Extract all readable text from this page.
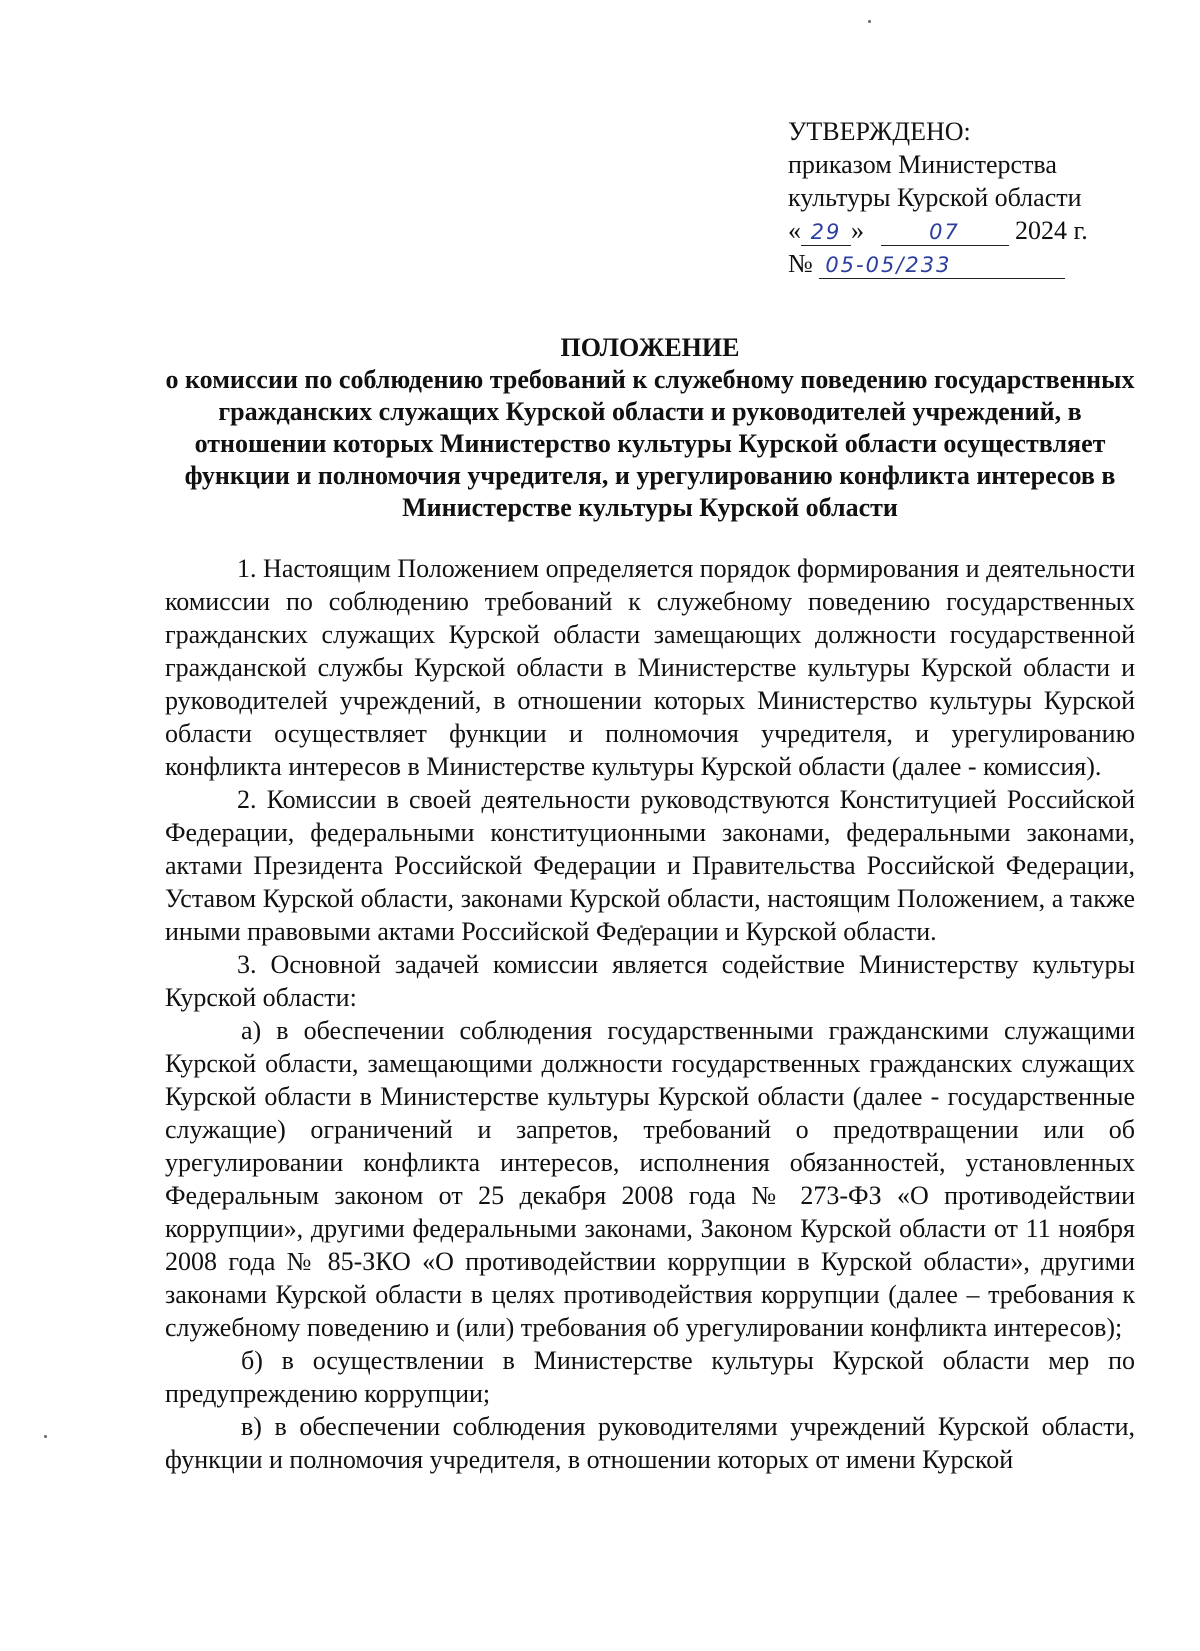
УТВЕРЖДЕНО:
приказом Министерства
культуры Курской области
« 29 »	07 2024 г.
№ 05-05/233
ПОЛОЖЕНИЕ
о комиссии по соблюдению требований к служебному поведению государственных гражданских служащих Курской области и руководителей учреждений, в отношении которых Министерство культуры Курской области осуществляет функции и полномочия учредителя, и урегулированию конфликта интересов в Министерстве культуры Курской области

1. Настоящим Положением определяется порядок формирования и деятельности комиссии по соблюдению требований к служебному поведению государственных гражданских служащих Курской области замещающих должности государственной гражданской службы Курской области в Министерстве культуры Курской области и руководителей учреждений, в отношении которых Министерство культуры Курской области осуществляет функции и полномочия учредителя, и урегулированию конфликта интересов в Министерстве культуры Курской области (далее - комиссия).

2. Комиссии в своей деятельности руководствуются Конституцией Российской Федерации, федеральными конституционными законами, федеральными законами, актами Президента Российской Федерации и Правительства Российской Федерации, Уставом Курской области, законами Курской области, настоящим Положением, а также иными правовыми актами Российской Федерации и Курской области.

3. Основной задачей комиссии является содействие Министерству культуры Курской области:

а) в обеспечении соблюдения государственными гражданскими служащими Курской области, замещающими должности государственных гражданских служащих Курской области в Министерстве культуры Курской области (далее - государственные служащие) ограничений и запретов, требований о предотвращении или об урегулировании конфликта интересов, исполнения обязанностей, установленных Федеральным законом от 25 декабря 2008 года № 273-ФЗ «О противодействии коррупции», другими федеральными законами, Законом Курской области от 11 ноября 2008 года № 85-ЗКО «О противодействии коррупции в Курской области», другими законами Курской области в целях противодействия коррупции (далее – требования к служебному поведению и (или) требования об урегулировании конфликта интересов);

б) в осуществлении в Министерстве культуры Курской области мер по предупреждению коррупции;

в) в обеспечении соблюдения руководителями учреждений Курской области, функции и полномочия учредителя, в отношении которых от имени Курской
